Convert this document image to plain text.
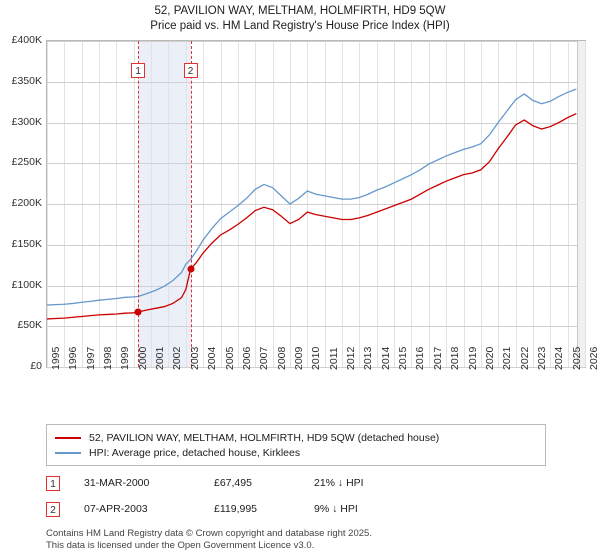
52, PAVILION WAY, MELTHAM, HOLMFIRTH, HD9 5QW
Price paid vs. HM Land Registry's House Price Index (HPI)
1	2
52, PAVILION WAY, MELTHAM, HOLMFIRTH, HD9 5QW (detached house)
HPI: Average price, detached house, Kirklees
1	31-MAR-2000	£67,495	21% ↓ HPI
2	07-APR-2003	£119,995	9% ↓ HPI
Contains HM Land Registry data © Crown copyright and database right 2025.
This data is licensed under the Open Government Licence v3.0.
1995 1996 1997 1998 1999 2000 2001 2002 2003 2004 2005 2006 2007 2008 2009 2010 2011 2012 2013 2014 2015 2016 2017 2018 2019 2020 2021 2022 2023 2024 2025 2026
£0
£50K
£100K
£150K
£200K
£250K
£300K
£350K
£400K
